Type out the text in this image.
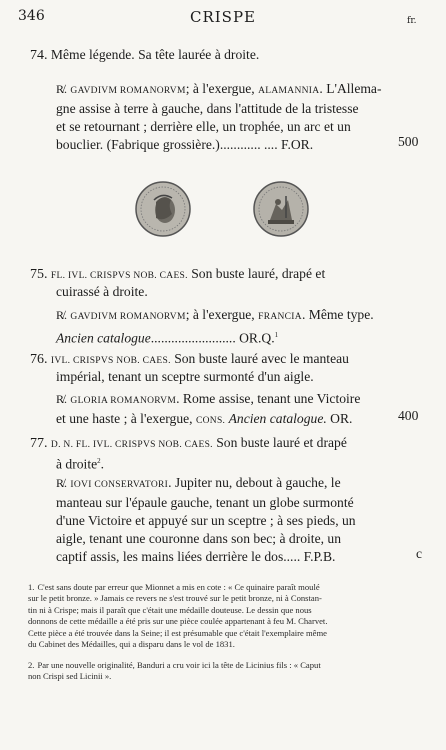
346	CRISPE	fr.
74. Même légende. Sa tête laurée à droite.
R̸. GAVDIVM ROMANORVM; à l'exergue, ALAMANNIA. L'Allema-
gne assise à terre à gauche, dans l'attitude de la tristesse
et se retournant ; derrière elle, un trophée, un arc et un
bouclier. (Fabrique grossière.)............ .... F.OR.	500
75. FL. IVL. CRISPVS NOB. CAES. Son buste lauré, drapé et
cuirassé à droite.
R̸. GAVDIVM ROMANORVM; à l'exergue, FRANCIA. Même type.
Ancien catalogue......................... OR.Q.$^1$
76. IVL. CRISPVS NOB. CAES. Son buste lauré avec le manteau
impérial, tenant un sceptre surmonté d'un aigle.
R̸. GLORIA ROMANORVM. Rome assise, tenant une Victoire
et une haste ; à l'exergue, CONS. Ancien catalogue. OR.	400
77. D. N. FL. IVL. CRISPVS NOB. CAES. Son buste lauré et drapé
à droite$^2$.
R̸. IOVI CONSERVATORI. Jupiter nu, debout à gauche, le
manteau sur l'épaule gauche, tenant un globe surmonté
d'une Victoire et appuyé sur un sceptre ; à ses pieds, un
aigle, tenant une couronne dans son bec; à droite, un
captif assis, les mains liées derrière le dos..... F.P.B.	c
1. C'est sans doute par erreur que Mionnet a mis en cote : « Ce quinaire paraît moulé
sur le petit bronze. » Jamais ce revers ne s'est trouvé sur le petit bronze, ni à Constan-
tin ni à Crispe; mais il paraît que c'était une médaille douteuse. Le dessin que nous
donnons de cette médaille a été pris sur une pièce coulée appartenant à feu M. Charvet.
Cette pièce a été trouvée dans la Seine; il est présumable que c'était l'exemplaire même
du Cabinet des Médailles, qui a disparu dans le vol de 1831.
2. Par une nouvelle originalité, Banduri a cru voir ici la tête de Licinius fils : « Caput
non Crispi sed Licinii ».
